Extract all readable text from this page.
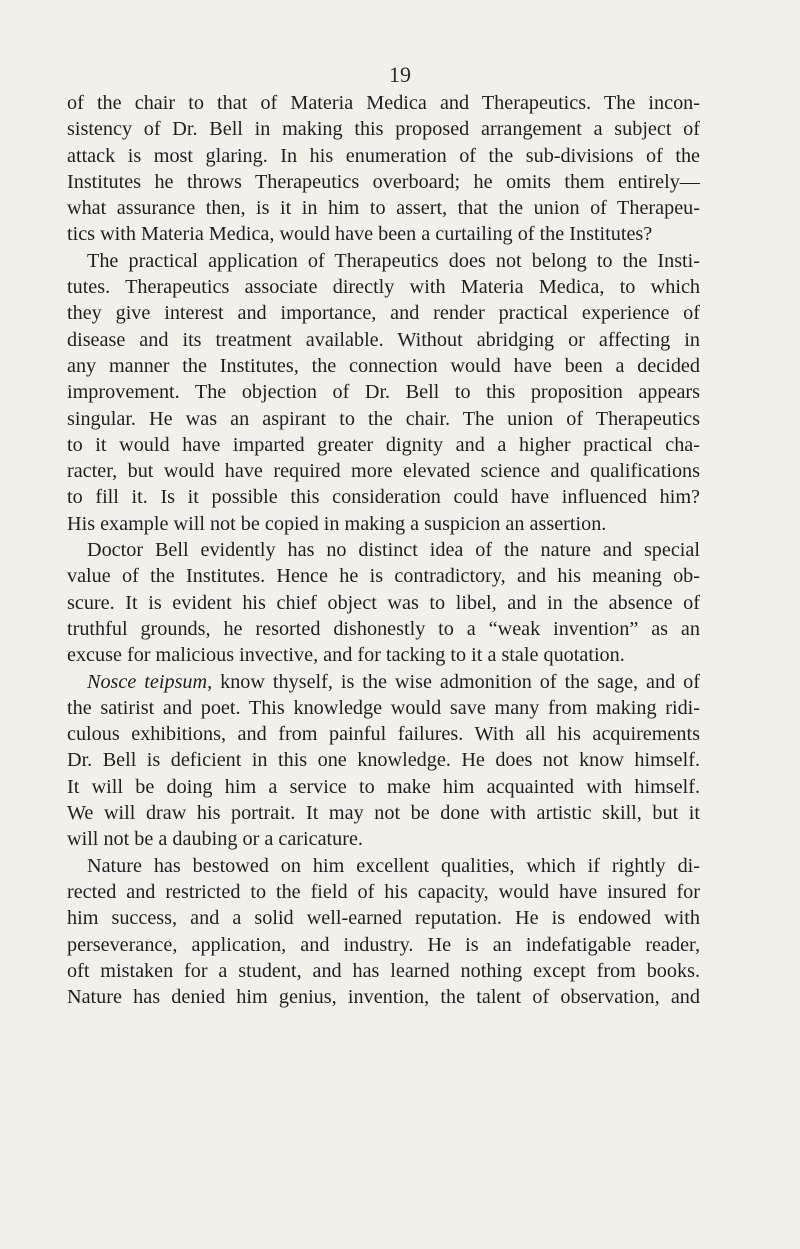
19
of the chair to that of Materia Medica and Therapeutics. The incon-
sistency of Dr. Bell in making this proposed arrangement a subject of
attack is most glaring. In his enumeration of the sub-divisions of the
Institutes he throws Therapeutics overboard; he omits them entirely—
what assurance then, is it in him to assert, that the union of Therapeu-
tics with Materia Medica, would have been a curtailing of the Institutes?
The practical application of Therapeutics does not belong to the Insti-
tutes. Therapeutics associate directly with Materia Medica, to which
they give interest and importance, and render practical experience of
disease and its treatment available. Without abridging or affecting in
any manner the Institutes, the connection would have been a decided
improvement. The objection of Dr. Bell to this proposition appears
singular. He was an aspirant to the chair. The union of Therapeutics
to it would have imparted greater dignity and a higher practical cha-
racter, but would have required more elevated science and qualifications
to fill it. Is it possible this consideration could have influenced him?
His example will not be copied in making a suspicion an assertion.
Doctor Bell evidently has no distinct idea of the nature and special
value of the Institutes. Hence he is contradictory, and his meaning ob-
scure. It is evident his chief object was to libel, and in the absence of
truthful grounds, he resorted dishonestly to a “weak invention” as an
excuse for malicious invective, and for tacking to it a stale quotation.
Nosce teipsum, know thyself, is the wise admonition of the sage, and of
the satirist and poet. This knowledge would save many from making ridi-
culous exhibitions, and from painful failures. With all his acquirements
Dr. Bell is deficient in this one knowledge. He does not know himself.
It will be doing him a service to make him acquainted with himself.
We will draw his portrait. It may not be done with artistic skill, but it
will not be a daubing or a caricature.
Nature has bestowed on him excellent qualities, which if rightly di-
rected and restricted to the field of his capacity, would have insured for
him success, and a solid well-earned reputation. He is endowed with
perseverance, application, and industry. He is an indefatigable reader,
oft mistaken for a student, and has learned nothing except from books.
Nature has denied him genius, invention, the talent of observation, and
